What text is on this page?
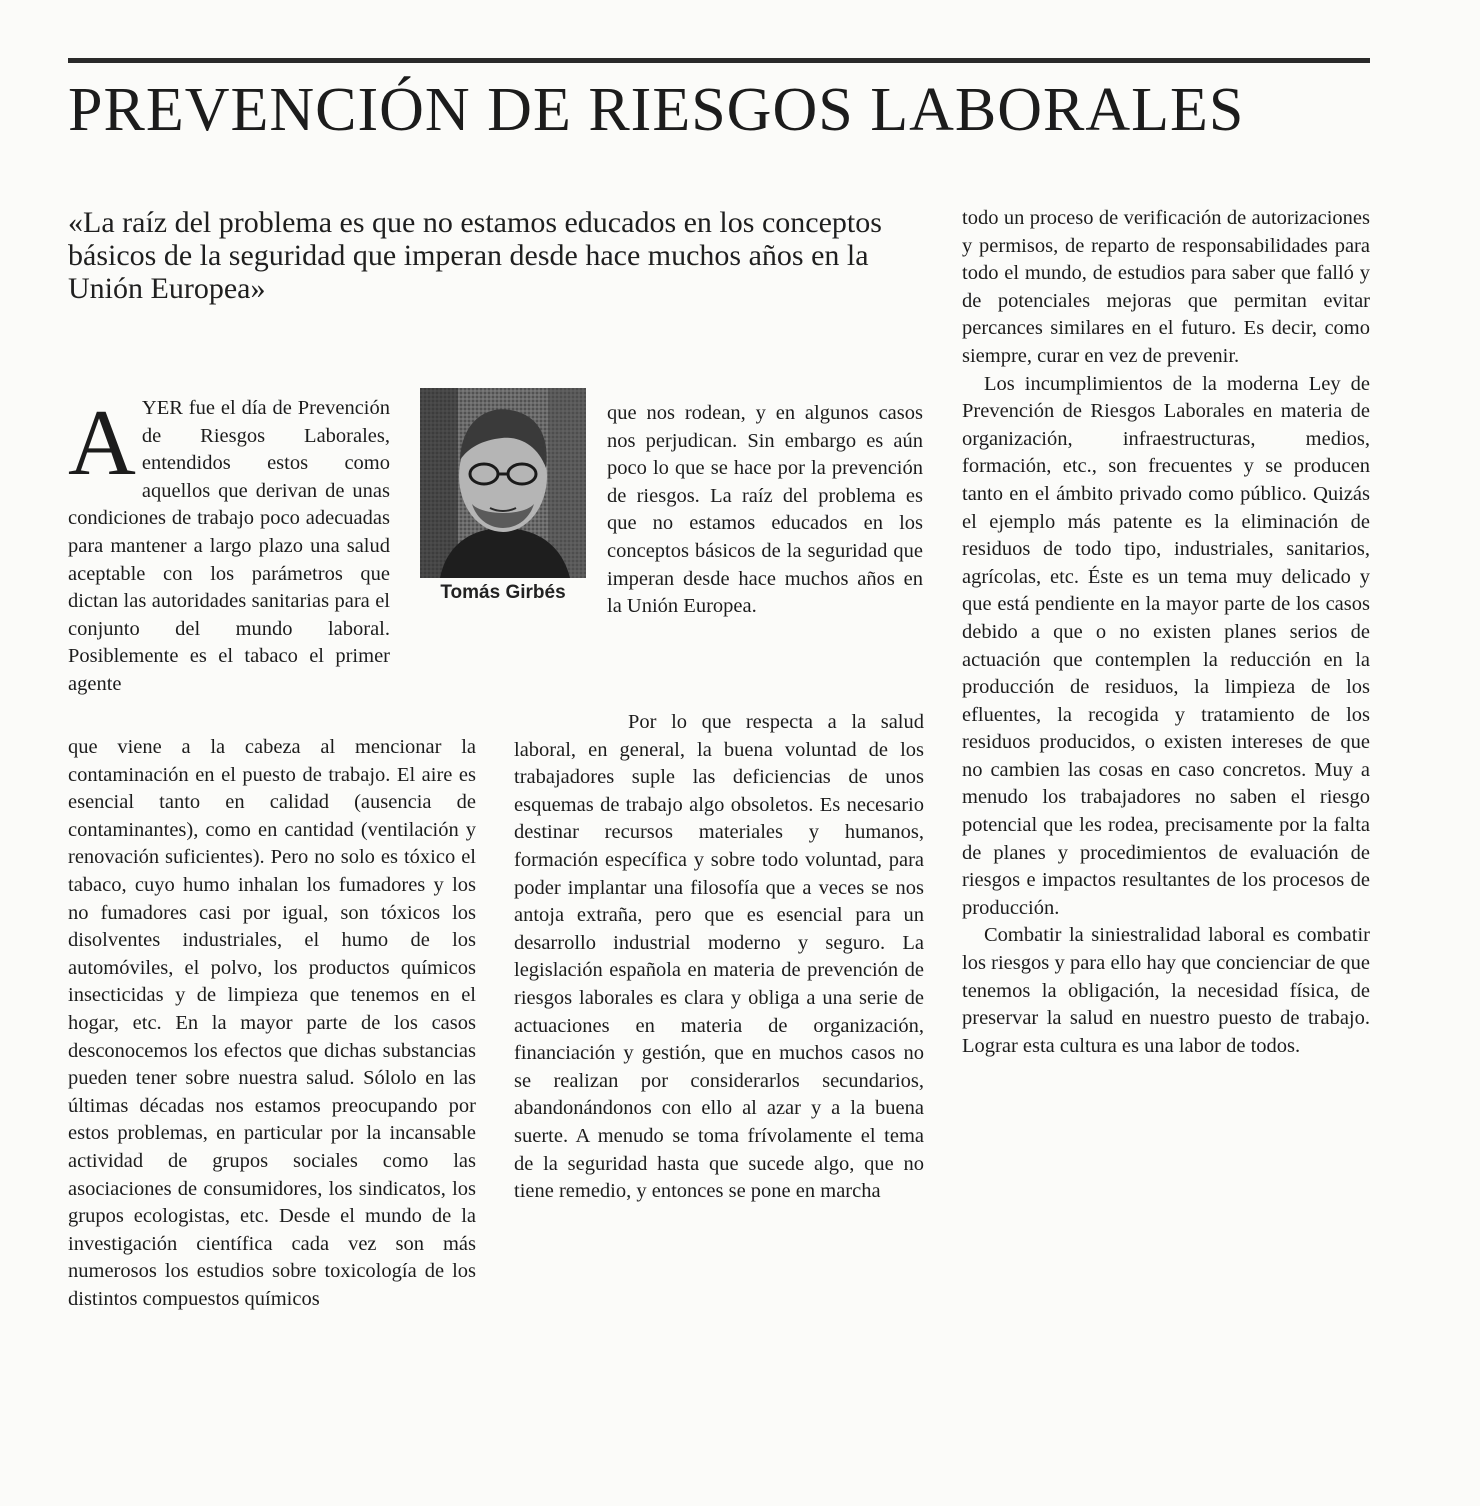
PREVENCIÓN DE RIESGOS LABORALES

«La raíz del problema es que no estamos educados en los conceptos básicos de la seguridad que imperan desde hace muchos años en la Unión Europea»

AYER fue el día de Prevención de Riesgos Laborales, entendidos estos como aquellos que derivan de unas condiciones de trabajo poco adecuadas para mantener a largo plazo una salud aceptable con los parámetros que dictan las autoridades sanitarias para el conjunto del mundo laboral. Posiblemente es el tabaco el primer agente
Tomás Girbés

que viene a la cabeza al mencionar la contaminación en el puesto de trabajo. El aire es esencial tanto en calidad (ausencia de contaminantes), como en cantidad (ventilación y renovación suficientes). Pero no solo es tóxico el tabaco, cuyo humo inhalan los fumadores y los no fumadores casi por igual, son tóxicos los disolventes industriales, el humo de los automóviles, el polvo, los productos químicos insecticidas y de limpieza que tenemos en el hogar, etc. En la mayor parte de los casos desconocemos los efectos que dichas substancias pueden tener sobre nuestra salud. Sólolo en las últimas décadas nos estamos preocupando por estos problemas, en particular por la incansable actividad de grupos sociales como las asociaciones de consumidores, los sindicatos, los grupos ecologistas, etc. Desde el mundo de la investigación científica cada vez son más numerosos los estudios sobre toxicología de los distintos compuestos químicos

que nos rodean, y en algunos casos nos perjudican. Sin embargo es aún poco lo que se hace por la prevención de riesgos. La raíz del problema es que no estamos educados en los conceptos básicos de la seguridad que imperan desde hace muchos años en la Unión Europea.

Por lo que respecta a la salud laboral, en general, la buena voluntad de los trabajadores suple las deficiencias de unos esquemas de trabajo algo obsoletos. Es necesario destinar recursos materiales y humanos, formación específica y sobre todo voluntad, para poder implantar una filosofía que a veces se nos antoja extraña, pero que es esencial para un desarrollo industrial moderno y seguro. La legislación española en materia de prevención de riesgos laborales es clara y obliga a una serie de actuaciones en materia de organización, financiación y gestión, que en muchos casos no se realizan por considerarlos secundarios, abandonándonos con ello al azar y a la buena suerte. A menudo se toma frívolamente el tema de la seguridad hasta que sucede algo, que no tiene remedio, y entonces se pone en marcha

todo un proceso de verificación de autorizaciones y permisos, de reparto de responsabilidades para todo el mundo, de estudios para saber que falló y de potenciales mejoras que permitan evitar percances similares en el futuro. Es decir, como siempre, curar en vez de prevenir.

Los incumplimientos de la moderna Ley de Prevención de Riesgos Laborales en materia de organización, infraestructuras, medios, formación, etc., son frecuentes y se producen tanto en el ámbito privado como público. Quizás el ejemplo más patente es la eliminación de residuos de todo tipo, industriales, sanitarios, agrícolas, etc. Éste es un tema muy delicado y que está pendiente en la mayor parte de los casos debido a que o no existen planes serios de actuación que contemplen la reducción en la producción de residuos, la limpieza de los efluentes, la recogida y tratamiento de los residuos producidos, o existen intereses de que no cambien las cosas en caso concretos. Muy a menudo los trabajadores no saben el riesgo potencial que les rodea, precisamente por la falta de planes y procedimientos de evaluación de riesgos e impactos resultantes de los procesos de producción.

Combatir la siniestralidad laboral es combatir los riesgos y para ello hay que concienciar de que tenemos la obligación, la necesidad física, de preservar la salud en nuestro puesto de trabajo. Lograr esta cultura es una labor de todos.
